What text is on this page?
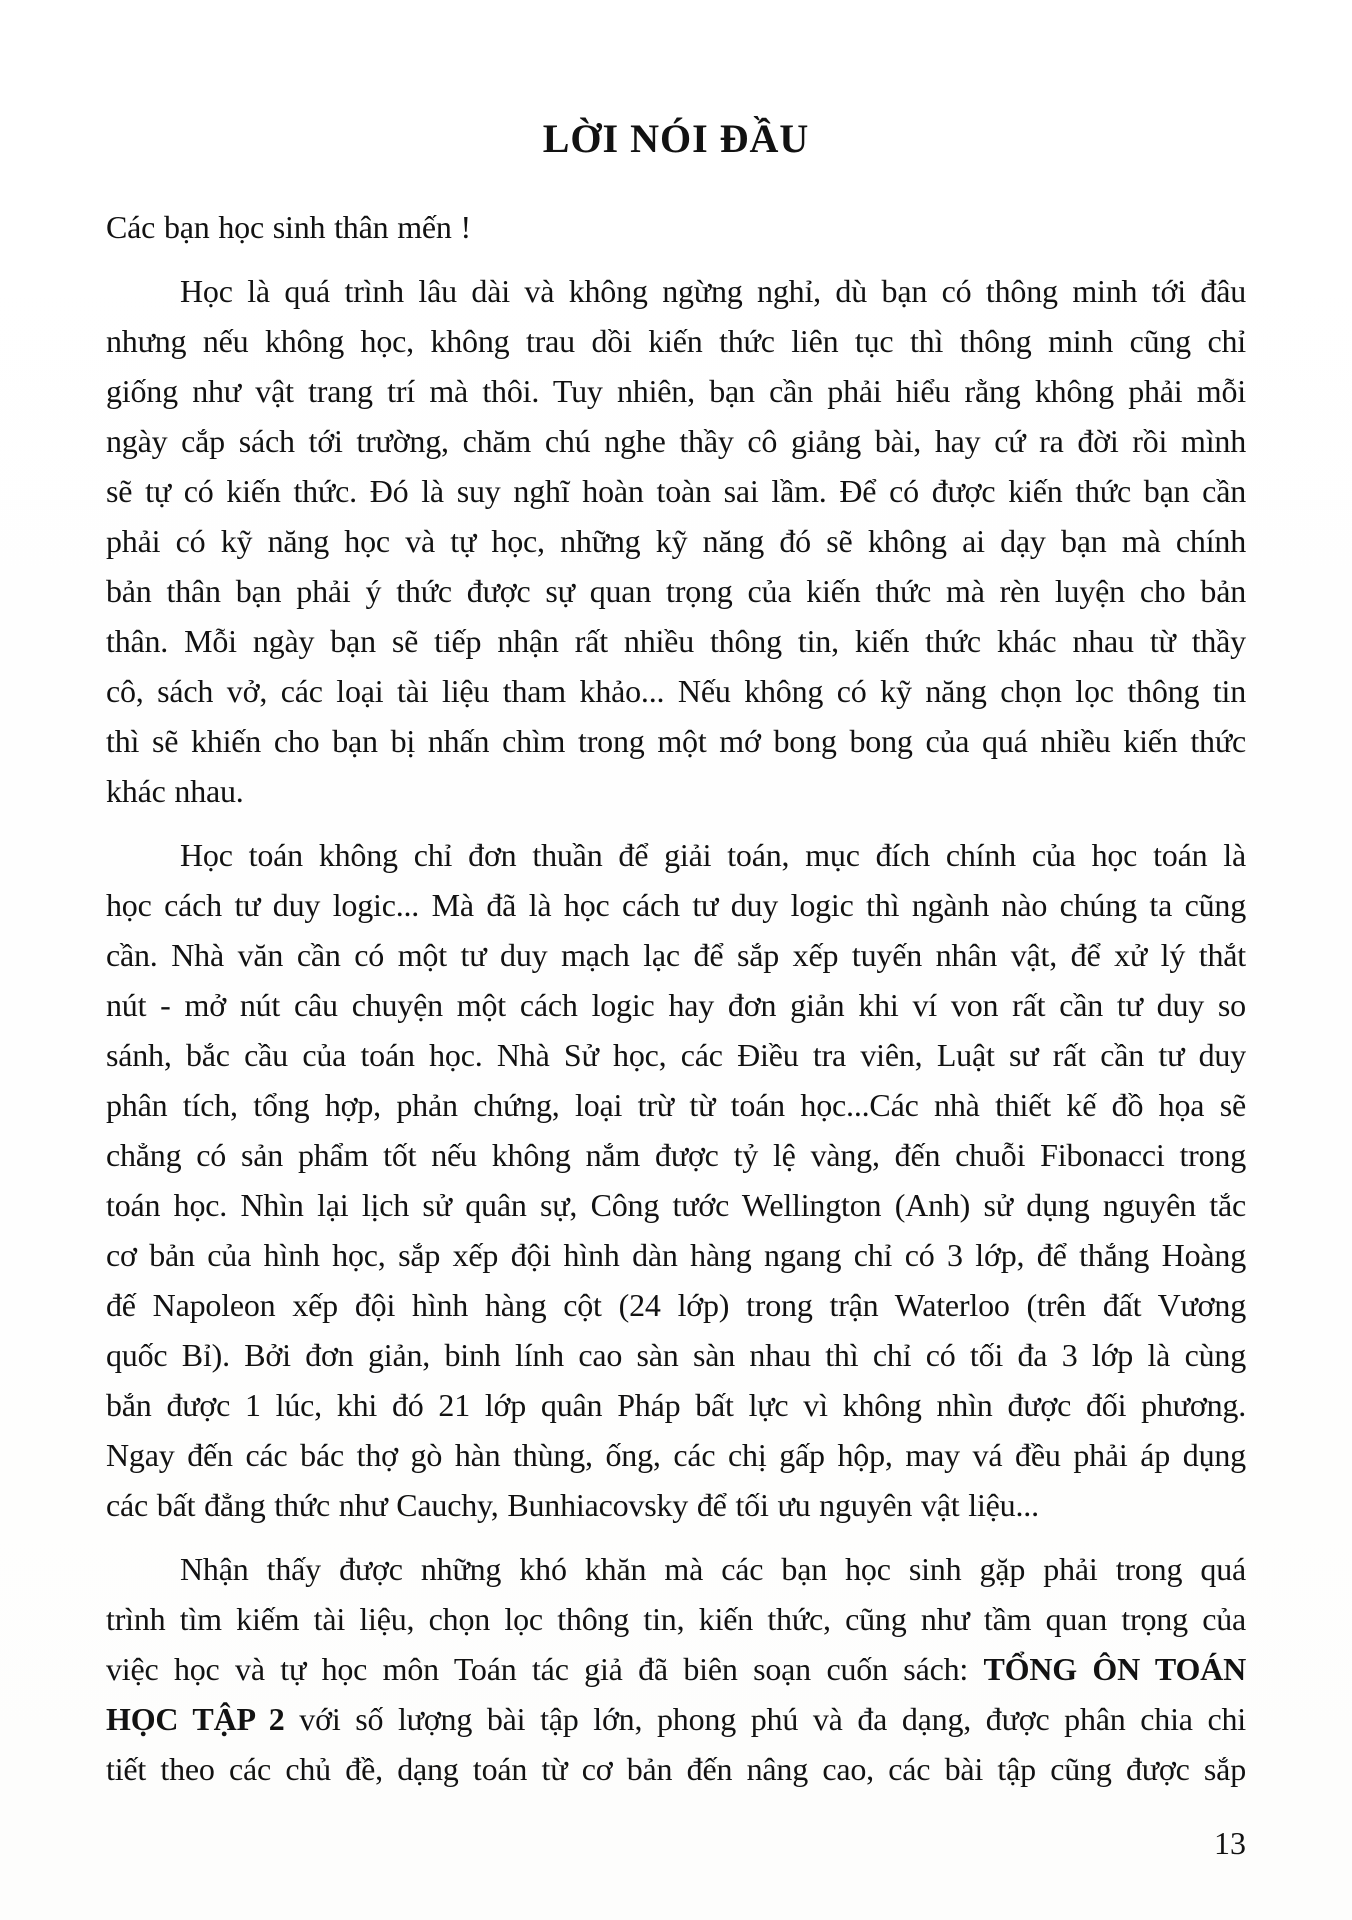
LỜI NÓI ĐẦU
Các bạn học sinh thân mến !
Học là quá trình lâu dài và không ngừng nghỉ, dù bạn có thông minh tới đâu
nhưng nếu không học, không trau dồi kiến thức liên tục thì thông minh cũng chỉ
giống như vật trang trí mà thôi. Tuy nhiên, bạn cần phải hiểu rằng không phải mỗi
ngày cắp sách tới trường, chăm chú nghe thầy cô giảng bài, hay cứ ra đời rồi mình
sẽ tự có kiến thức. Đó là suy nghĩ hoàn toàn sai lầm. Để có được kiến thức bạn cần
phải có kỹ năng học và tự học, những kỹ năng đó sẽ không ai dạy bạn mà chính
bản thân bạn phải ý thức được sự quan trọng của kiến thức mà rèn luyện cho bản
thân. Mỗi ngày bạn sẽ tiếp nhận rất nhiều thông tin, kiến thức khác nhau từ thầy
cô, sách vở, các loại tài liệu tham khảo... Nếu không có kỹ năng chọn lọc thông tin
thì sẽ khiến cho bạn bị nhấn chìm trong một mớ bong bong của quá nhiều kiến thức
khác nhau.
Học toán không chỉ đơn thuần để giải toán, mục đích chính của học toán là
học cách tư duy logic... Mà đã là học cách tư duy logic thì ngành nào chúng ta cũng
cần. Nhà văn cần có một tư duy mạch lạc để sắp xếp tuyến nhân vật, để xử lý thắt
nút - mở nút câu chuyện một cách logic hay đơn giản khi ví von rất cần tư duy so
sánh, bắc cầu của toán học. Nhà Sử học, các Điều tra viên, Luật sư rất cần tư duy
phân tích, tổng hợp, phản chứng, loại trừ từ toán học...Các nhà thiết kế đồ họa sẽ
chẳng có sản phẩm tốt nếu không nắm được tỷ lệ vàng, đến chuỗi Fibonacci trong
toán học. Nhìn lại lịch sử quân sự, Công tước Wellington (Anh) sử dụng nguyên tắc
cơ bản của hình học, sắp xếp đội hình dàn hàng ngang chỉ có 3 lớp, để thắng Hoàng
đế Napoleon xếp đội hình hàng cột (24 lớp) trong trận Waterloo (trên đất Vương
quốc Bỉ). Bởi đơn giản, binh lính cao sàn sàn nhau thì chỉ có tối đa 3 lớp là cùng
bắn được 1 lúc, khi đó 21 lớp quân Pháp bất lực vì không nhìn được đối phương.
Ngay đến các bác thợ gò hàn thùng, ống, các chị gấp hộp, may vá đều phải áp dụng
các bất đẳng thức như Cauchy, Bunhiacovsky để tối ưu nguyên vật liệu...
Nhận thấy được những khó khăn mà các bạn học sinh gặp phải trong quá
trình tìm kiếm tài liệu, chọn lọc thông tin, kiến thức, cũng như tầm quan trọng của
việc học và tự học môn Toán tác giả đã biên soạn cuốn sách: TỔNG ÔN TOÁN
HỌC TẬP 2 với số lượng bài tập lớn, phong phú và đa dạng, được phân chia chi
tiết theo các chủ đề, dạng toán từ cơ bản đến nâng cao, các bài tập cũng được sắp
13
